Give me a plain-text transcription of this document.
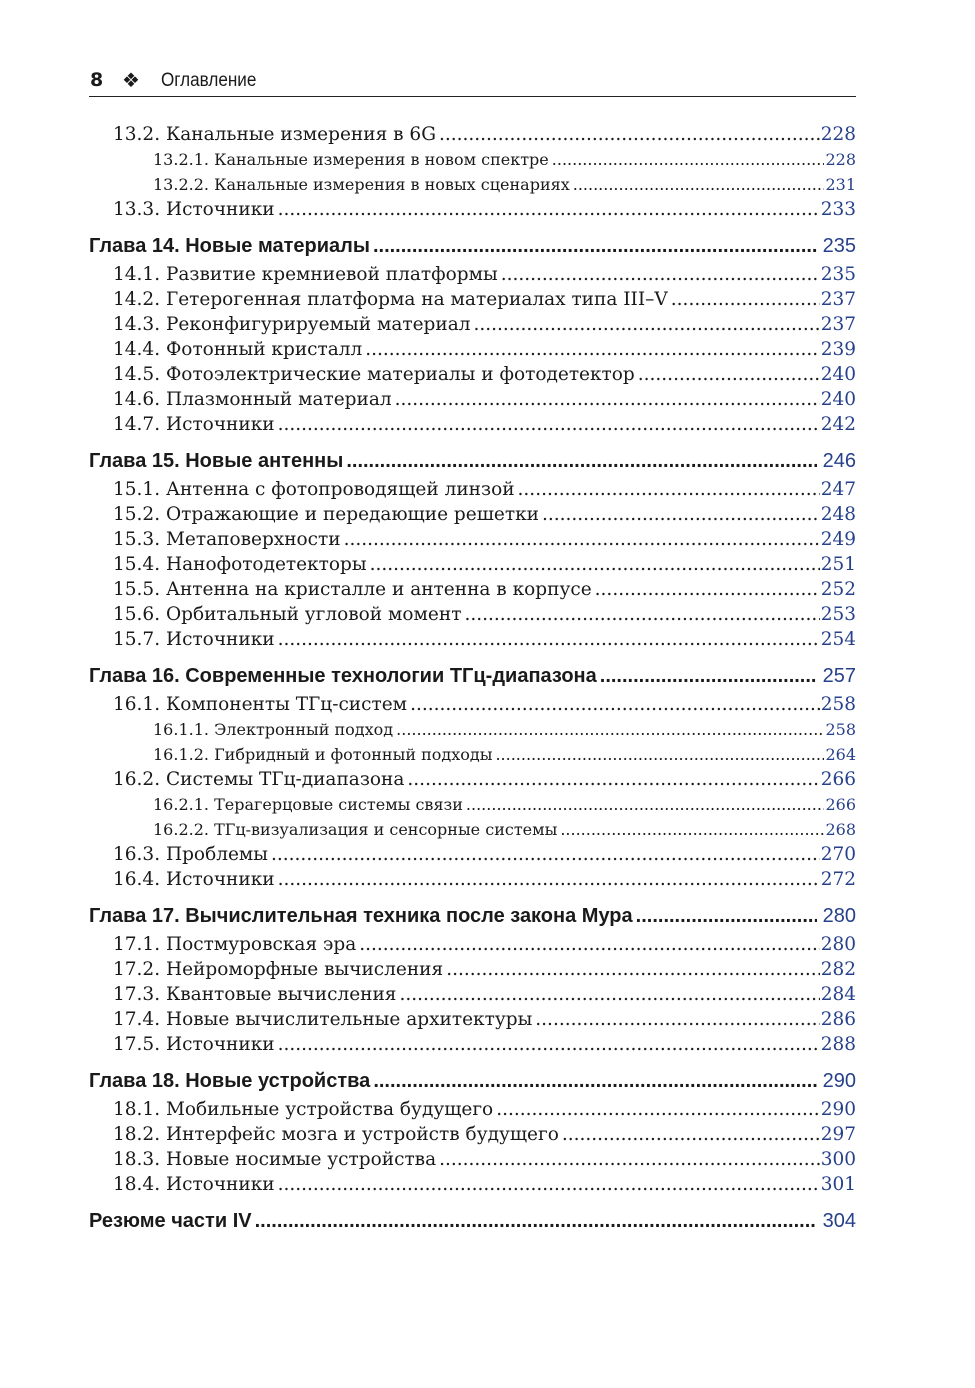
8 ❖ Оглавление
13.2. Канальные измерения в 6G .....	228
13.2.1. Канальные измерения в новом спектре .....	228
13.2.2. Канальные измерения в новых сценариях .....	231
13.3. Источники .....	233
Глава 14. Новые материалы .....	235
14.1. Развитие кремниевой платформы .....	235
14.2. Гетерогенная платформа на материалах типа III–V .....	237
14.3. Реконфигурируемый материал .....	237
14.4. Фотонный кристалл .....	239
14.5. Фотоэлектрические материалы и фотодетектор .....	240
14.6. Плазмонный материал .....	240
14.7. Источники .....	242
Глава 15. Новые антенны .....	246
15.1. Антенна с фотопроводящей линзой .....	247
15.2. Отражающие и передающие решетки .....	248
15.3. Метаповерхности .....	249
15.4. Нанофотодетекторы .....	251
15.5. Антенна на кристалле и антенна в корпусе .....	252
15.6. Орбитальный угловой момент .....	253
15.7. Источники .....	254
Глава 16. Современные технологии ТГц-диапазона .....	257
16.1. Компоненты ТГц-систем .....	258
16.1.1. Электронный подход .....	258
16.1.2. Гибридный и фотонный подходы .....	264
16.2. Системы ТГц-диапазона .....	266
16.2.1. Терагерцовые системы связи .....	266
16.2.2. ТГц-визуализация и сенсорные системы .....	268
16.3. Проблемы .....	270
16.4. Источники .....	272
Глава 17. Вычислительная техника после закона Мура .....	280
17.1. Постмуровская эра .....	280
17.2. Нейроморфные вычисления .....	282
17.3. Квантовые вычисления .....	284
17.4. Новые вычислительные архитектуры .....	286
17.5. Источники .....	288
Глава 18. Новые устройства .....	290
18.1. Мобильные устройства будущего .....	290
18.2. Интерфейс мозга и устройств будущего .....	297
18.3. Новые носимые устройства .....	300
18.4. Источники .....	301
Резюме части IV .....	304
